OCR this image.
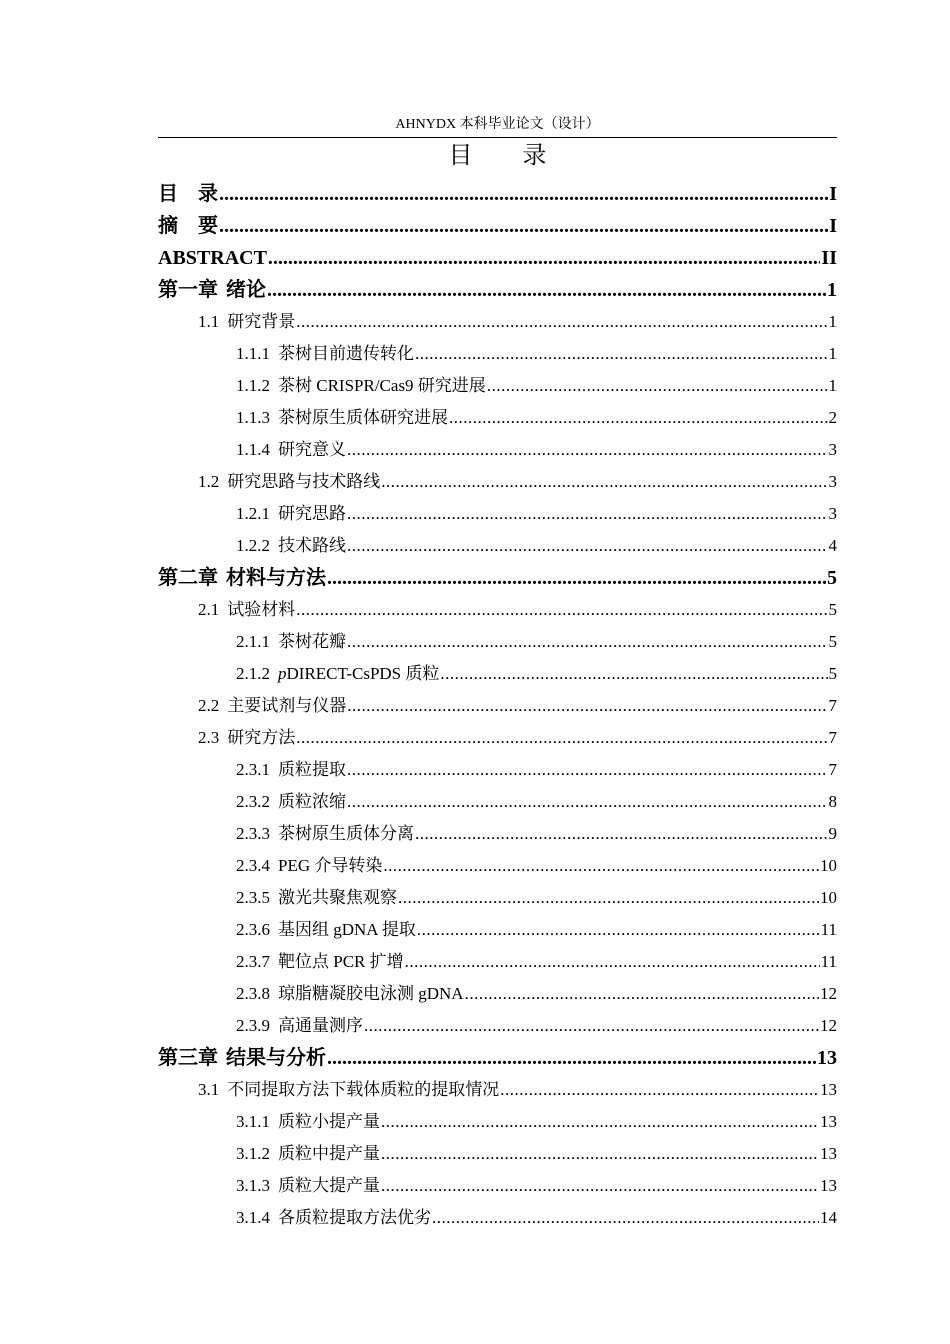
AHNYDX 本科毕业论文（设计）
目 录
目　录 .....	I
摘　要 .....	I
ABSTRACT .....	II
第一章 绪论 .....	1
1.1 研究背景 .....	1
1.1.1 茶树目前遗传转化 .....	1
1.1.2 茶树 CRISPR/Cas9 研究进展 .....	1
1.1.3 茶树原生质体研究进展 .....	2
1.1.4 研究意义 .....	3
1.2 研究思路与技术路线 .....	3
1.2.1 研究思路 .....	3
1.2.2 技术路线 .....	4
第二章 材料与方法 .....	5
2.1 试验材料 .....	5
2.1.1 茶树花瓣 .....	5
2.1.2 pDIRECT-CsPDS 质粒 .....	5
2.2 主要试剂与仪器 .....	7
2.3 研究方法 .....	7
2.3.1 质粒提取 .....	7
2.3.2 质粒浓缩 .....	8
2.3.3 茶树原生质体分离 .....	9
2.3.4 PEG 介导转染 .....	10
2.3.5 激光共聚焦观察 .....	10
2.3.6 基因组 gDNA 提取 .....	11
2.3.7 靶位点 PCR 扩增 .....	11
2.3.8 琼脂糖凝胶电泳测 gDNA .....	12
2.3.9 高通量测序 .....	12
第三章 结果与分析 .....	13
3.1 不同提取方法下载体质粒的提取情况 .....	13
3.1.1 质粒小提产量 .....	13
3.1.2 质粒中提产量 .....	13
3.1.3 质粒大提产量 .....	13
3.1.4 各质粒提取方法优劣 .....	14
